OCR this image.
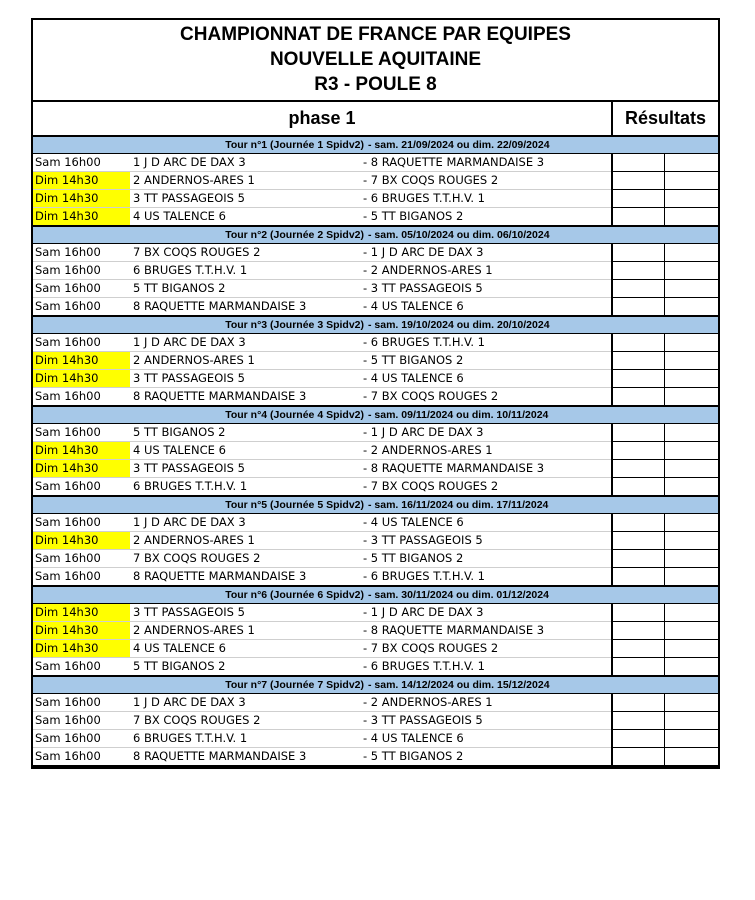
CHAMPIONNAT DE FRANCE PAR EQUIPES
NOUVELLE AQUITAINE
R3 - POULE 8
phase 1	Résultats
Tour n°1 (Journée 1 Spidv2) - sam. 21/09/2024 ou dim. 22/09/2024
Sam 16h00	1 J D ARC DE DAX 3	- 8 RAQUETTE MARMANDAISE 3
Dim 14h30	2 ANDERNOS-ARES 1	- 7 BX COQS ROUGES 2
Dim 14h30	3 TT PASSAGEOIS 5	- 6 BRUGES T.T.H.V. 1
Dim 14h30	4 US TALENCE 6	- 5 TT BIGANOS 2
Tour n°2 (Journée 2 Spidv2) - sam. 05/10/2024 ou dim. 06/10/2024
Sam 16h00	7 BX COQS ROUGES 2	- 1 J D ARC DE DAX 3
Sam 16h00	6 BRUGES T.T.H.V. 1	- 2 ANDERNOS-ARES 1
Sam 16h00	5 TT BIGANOS 2	- 3 TT PASSAGEOIS 5
Sam 16h00	8 RAQUETTE MARMANDAISE 3	- 4 US TALENCE 6
Tour n°3 (Journée 3 Spidv2) - sam. 19/10/2024 ou dim. 20/10/2024
Sam 16h00	1 J D ARC DE DAX 3	- 6 BRUGES T.T.H.V. 1
Dim 14h30	2 ANDERNOS-ARES 1	- 5 TT BIGANOS 2
Dim 14h30	3 TT PASSAGEOIS 5	- 4 US TALENCE 6
Sam 16h00	8 RAQUETTE MARMANDAISE 3	- 7 BX COQS ROUGES 2
Tour n°4 (Journée 4 Spidv2) - sam. 09/11/2024 ou dim. 10/11/2024
Sam 16h00	5 TT BIGANOS 2	- 1 J D ARC DE DAX 3
Dim 14h30	4 US TALENCE 6	- 2 ANDERNOS-ARES 1
Dim 14h30	3 TT PASSAGEOIS 5	- 8 RAQUETTE MARMANDAISE 3
Sam 16h00	6 BRUGES T.T.H.V. 1	- 7 BX COQS ROUGES 2
Tour n°5 (Journée 5 Spidv2) - sam. 16/11/2024 ou dim. 17/11/2024
Sam 16h00	1 J D ARC DE DAX 3	- 4 US TALENCE 6
Dim 14h30	2 ANDERNOS-ARES 1	- 3 TT PASSAGEOIS 5
Sam 16h00	7 BX COQS ROUGES 2	- 5 TT BIGANOS 2
Sam 16h00	8 RAQUETTE MARMANDAISE 3	- 6 BRUGES T.T.H.V. 1
Tour n°6 (Journée 6 Spidv2) - sam. 30/11/2024 ou dim. 01/12/2024
Dim 14h30	3 TT PASSAGEOIS 5	- 1 J D ARC DE DAX 3
Dim 14h30	2 ANDERNOS-ARES 1	- 8 RAQUETTE MARMANDAISE 3
Dim 14h30	4 US TALENCE 6	- 7 BX COQS ROUGES 2
Sam 16h00	5 TT BIGANOS 2	- 6 BRUGES T.T.H.V. 1
Tour n°7 (Journée 7 Spidv2) - sam. 14/12/2024 ou dim. 15/12/2024
Sam 16h00	1 J D ARC DE DAX 3	- 2 ANDERNOS-ARES 1
Sam 16h00	7 BX COQS ROUGES 2	- 3 TT PASSAGEOIS 5
Sam 16h00	6 BRUGES T.T.H.V. 1	- 4 US TALENCE 6
Sam 16h00	8 RAQUETTE MARMANDAISE 3	- 5 TT BIGANOS 2
